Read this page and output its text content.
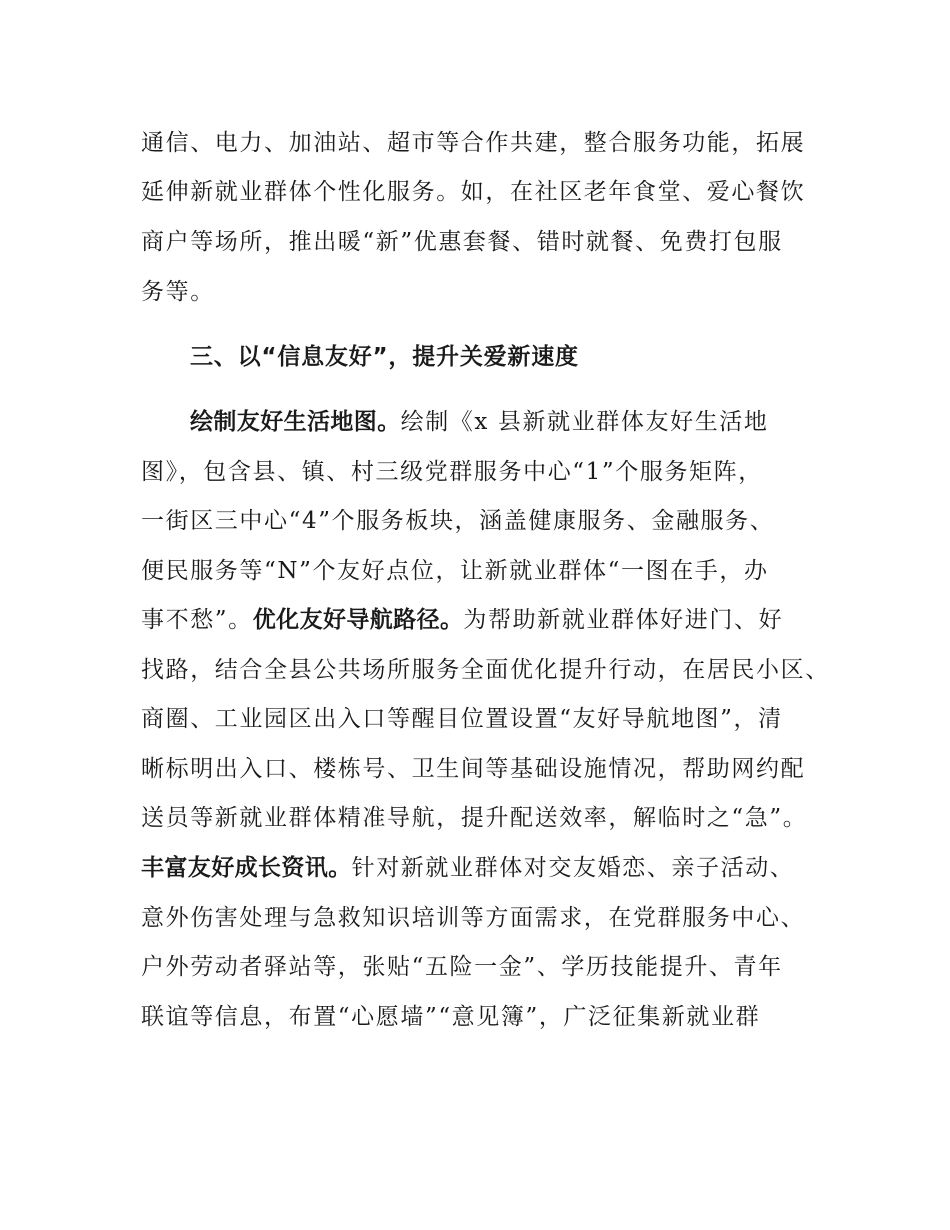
通信、电力、加油站、超市等合作共建，整合服务功能，拓展
延伸新就业群体个性化服务。如，在社区老年食堂、爱心餐饮
商户等场所，推出暖“新”优惠套餐、错时就餐、免费打包服
务等。
三、以“信息友好”，提升关爱新速度
绘制友好生活地图。绘制《x 县新就业群体友好生活地
图》，包含县、镇、村三级党群服务中心“1”个服务矩阵，
一街区三中心“4”个服务板块，涵盖健康服务、金融服务、
便民服务等“N”个友好点位，让新就业群体“一图在手，办
事不愁”。优化友好导航路径。为帮助新就业群体好进门、好
找路，结合全县公共场所服务全面优化提升行动，在居民小区、
商圈、工业园区出入口等醒目位置设置“友好导航地图”，清
晰标明出入口、楼栋号、卫生间等基础设施情况，帮助网约配
送员等新就业群体精准导航，提升配送效率，解临时之“急”。
丰富友好成长资讯。针对新就业群体对交友婚恋、亲子活动、
意外伤害处理与急救知识培训等方面需求，在党群服务中心、
户外劳动者驿站等，张贴“五险一金”、学历技能提升、青年
联谊等信息，布置“心愿墙”“意见簿”，广泛征集新就业群
